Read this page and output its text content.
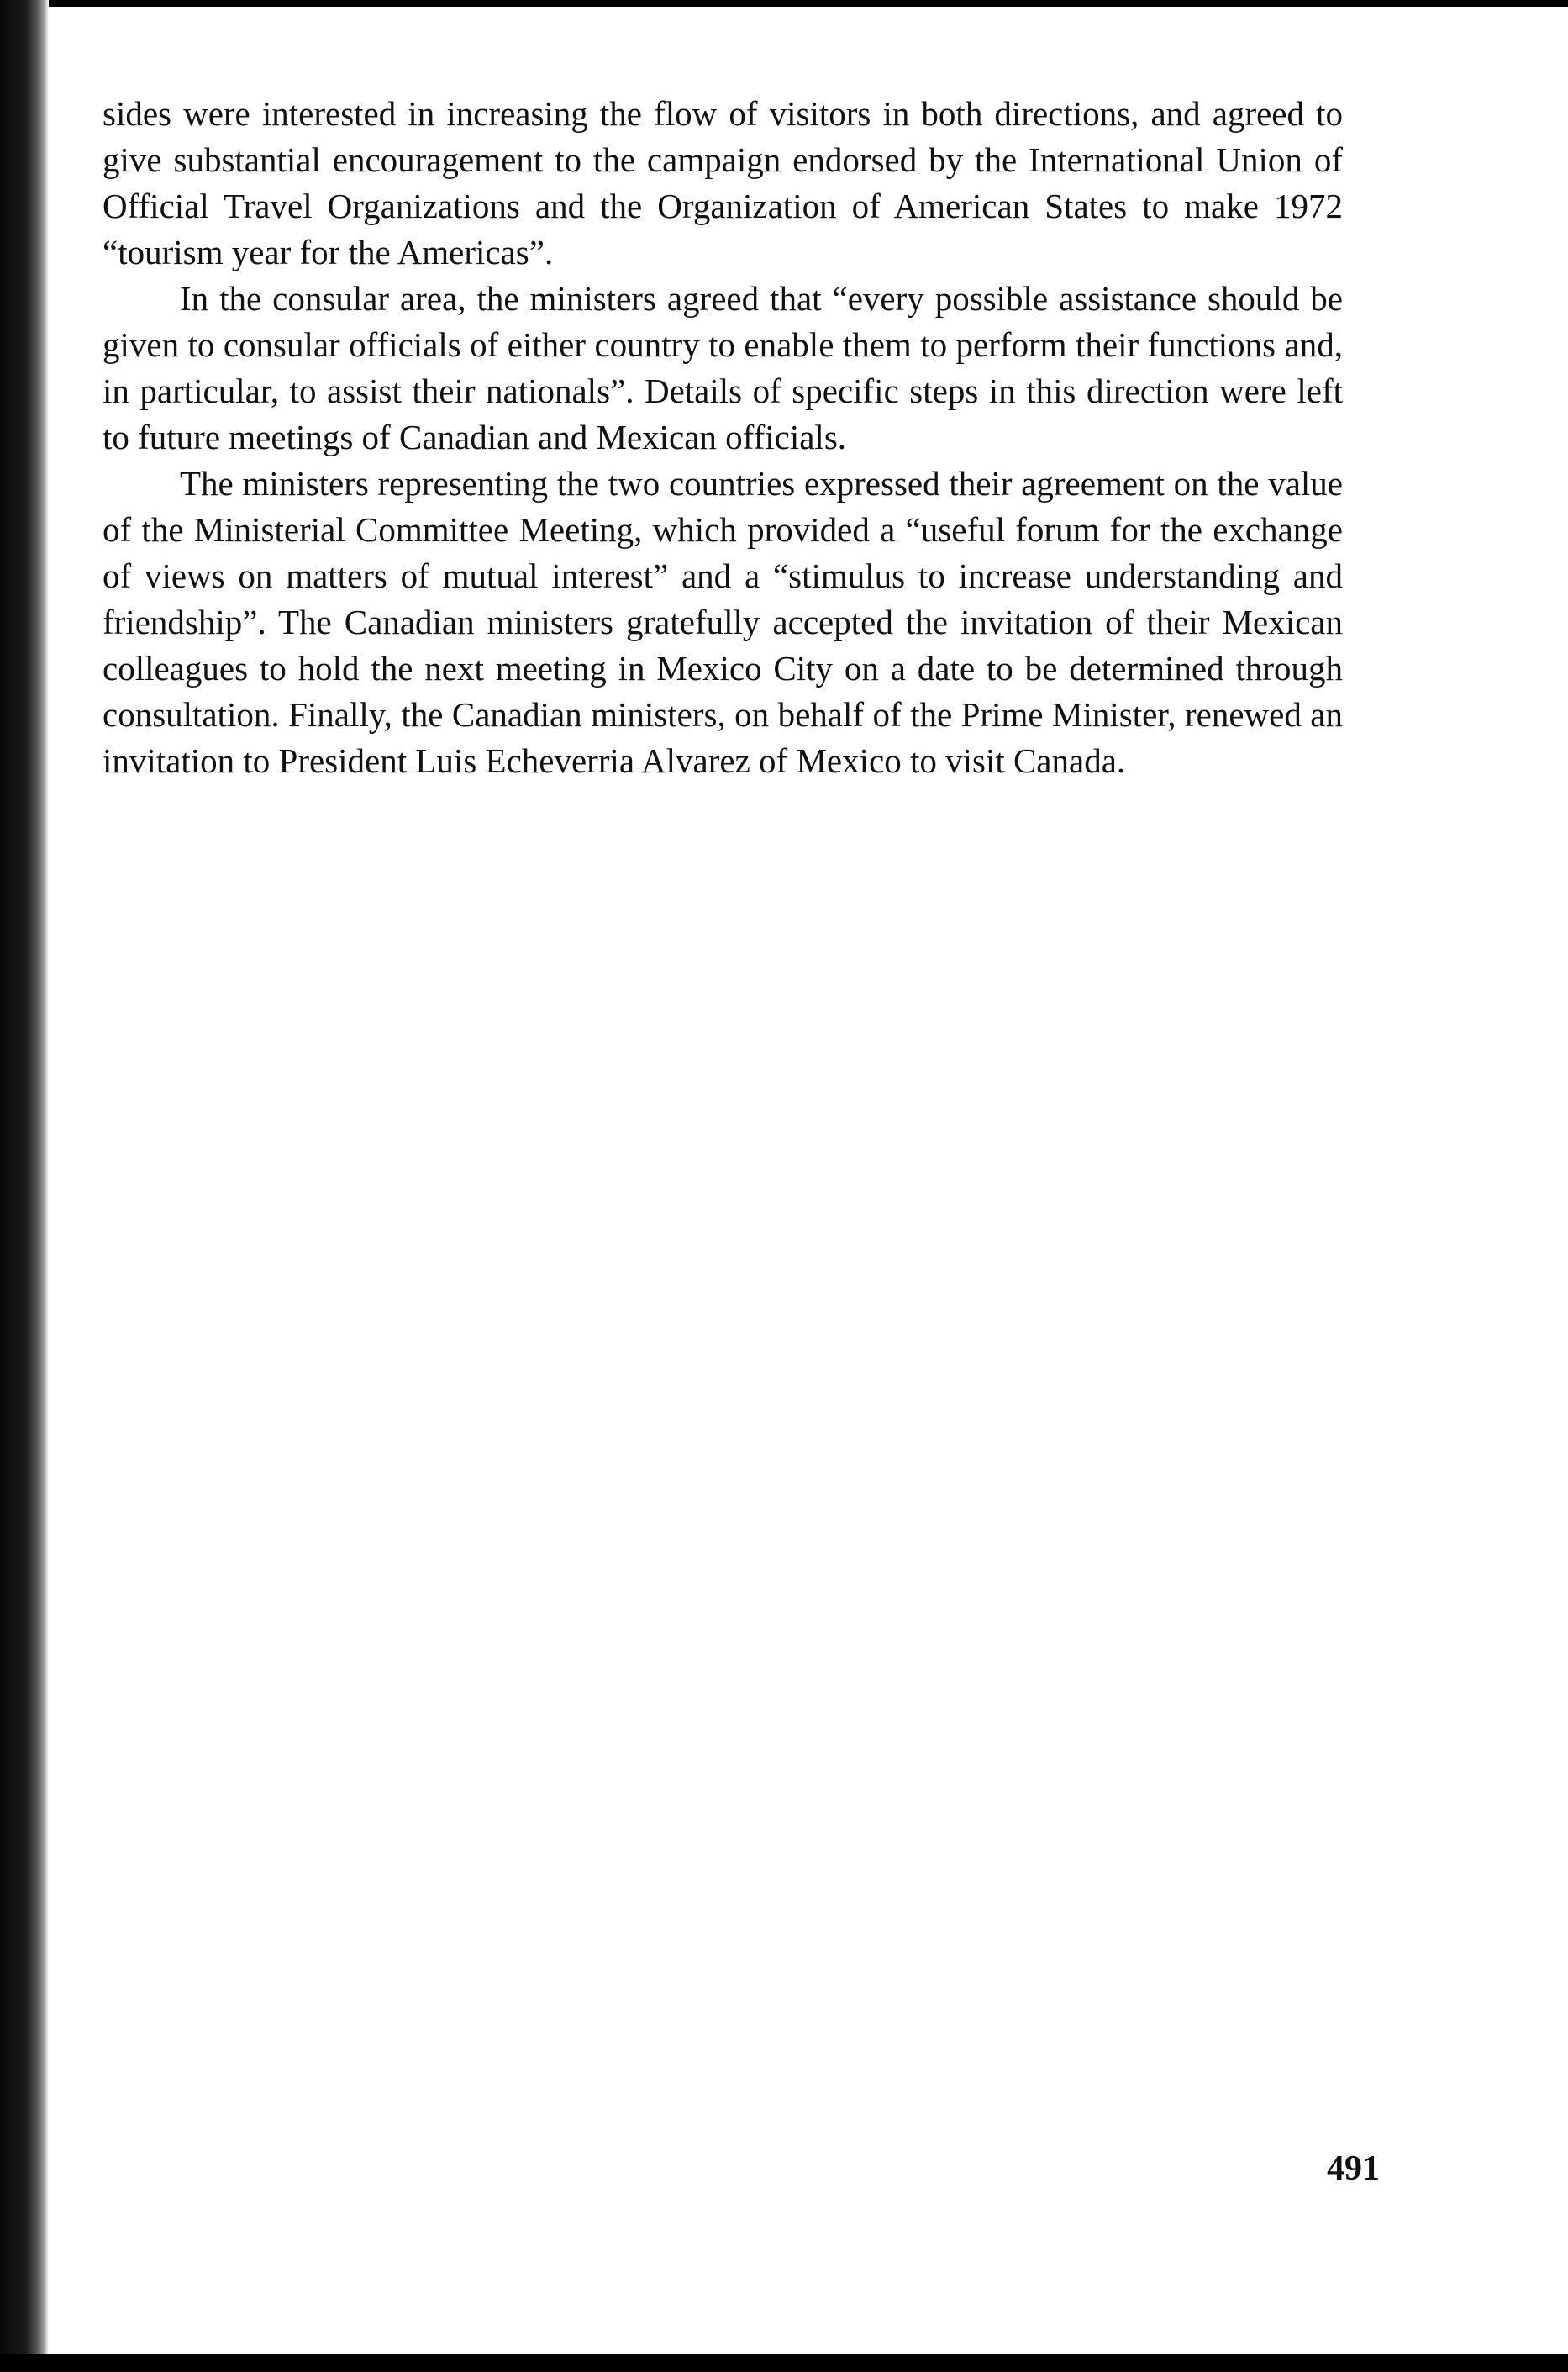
sides were interested in increasing the flow of visitors in both directions, and agreed to give substantial encouragement to the campaign endorsed by the International Union of Official Travel Organizations and the Organization of American States to make 1972 “tourism year for the Americas”.

In the consular area, the ministers agreed that “every possible assistance should be given to consular officials of either country to enable them to perform their functions and, in particular, to assist their nationals”. Details of specific steps in this direction were left to future meetings of Canadian and Mexican officials.

The ministers representing the two countries expressed their agreement on the value of the Ministerial Committee Meeting, which provided a “useful forum for the exchange of views on matters of mutual interest” and a “stimulus to increase understanding and friendship”. The Canadian ministers gratefully accepted the invitation of their Mexican colleagues to hold the next meeting in Mexico City on a date to be determined through consultation. Finally, the Canadian ministers, on behalf of the Prime Minister, renewed an invitation to President Luis Echeverria Alvarez of Mexico to visit Canada.

491
